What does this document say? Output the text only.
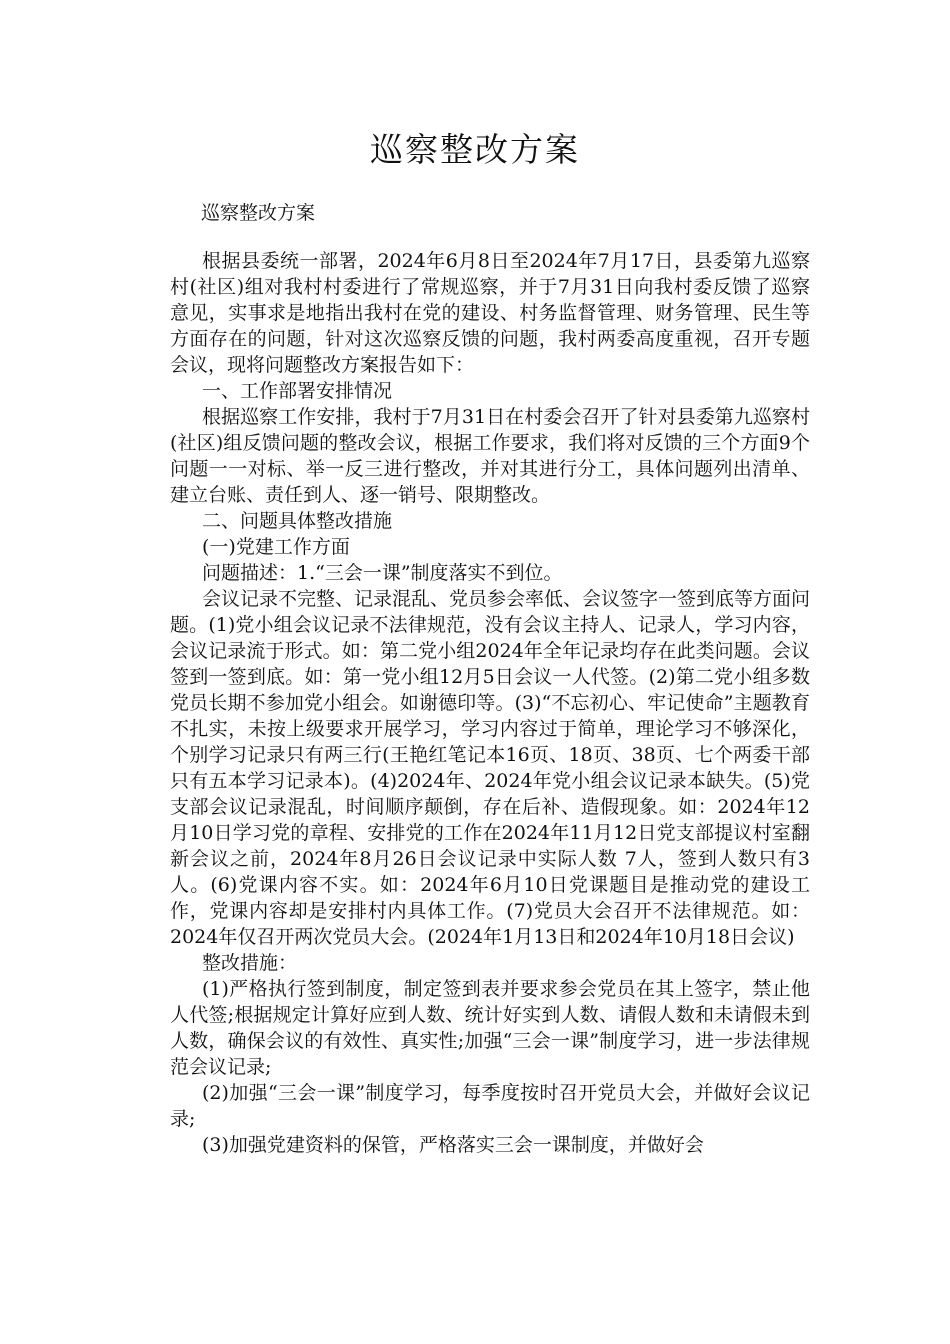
巡察整改方案
巡察整改方案

根据县委统一部署，2024年6月8日至2024年7月17日，县委第九巡察村(社区)组对我村村委进行了常规巡察，并于7月31日向我村委反馈了巡察意见，实事求是地指出我村在党的建设、村务监督管理、财务管理、民生等方面存在的问题，针对这次巡察反馈的问题，我村两委高度重视，召开专题会议，现将问题整改方案报告如下：

一、工作部署安排情况

根据巡察工作安排，我村于7月31日在村委会召开了针对县委第九巡察村(社区)组反馈问题的整改会议，根据工作要求，我们将对反馈的三个方面9个问题一一对标、举一反三进行整改，并对其进行分工，具体问题列出清单、建立台账、责任到人、逐一销号、限期整改。

二、问题具体整改措施

(一)党建工作方面

问题描述：1.“三会一课”制度落实不到位。

会议记录不完整、记录混乱、党员参会率低、会议签字一签到底等方面问题。(1)党小组会议记录不法律规范，没有会议主持人、记录人，学习内容，会议记录流于形式。如：第二党小组2024年全年记录均存在此类问题。会议签到一签到底。如：第一党小组12月5日会议一人代签。(2)第二党小组多数党员长期不参加党小组会。如谢德印等。(3)“不忘初心、牢记使命”主题教育不扎实，未按上级要求开展学习，学习内容过于简单，理论学习不够深化，个别学习记录只有两三行(王艳红笔记本16页、18页、38页、七个两委干部只有五本学习记录本)。(4)2024年、2024年党小组会议记录本缺失。(5)党支部会议记录混乱，时间顺序颠倒，存在后补、造假现象。如：2024年12月10日学习党的章程、安排党的工作在2024年11月12日党支部提议村室翻新会议之前，2024年8月26日会议记录中实际人数 7人，签到人数只有3人。(6)党课内容不实。如：2024年6月10日党课题目是推动党的建设工作，党课内容却是安排村内具体工作。(7)党员大会召开不法律规范。如：2024年仅召开两次党员大会。(2024年1月13日和2024年10月18日会议)

整改措施：

(1)严格执行签到制度，制定签到表并要求参会党员在其上签字，禁止他人代签;根据规定计算好应到人数、统计好实到人数、请假人数和未请假未到人数，确保会议的有效性、真实性;加强“三会一课”制度学习，进一步法律规范会议记录;

(2)加强“三会一课”制度学习，每季度按时召开党员大会，并做好会议记录;

(3)加强党建资料的保管，严格落实三会一课制度，并做好会
